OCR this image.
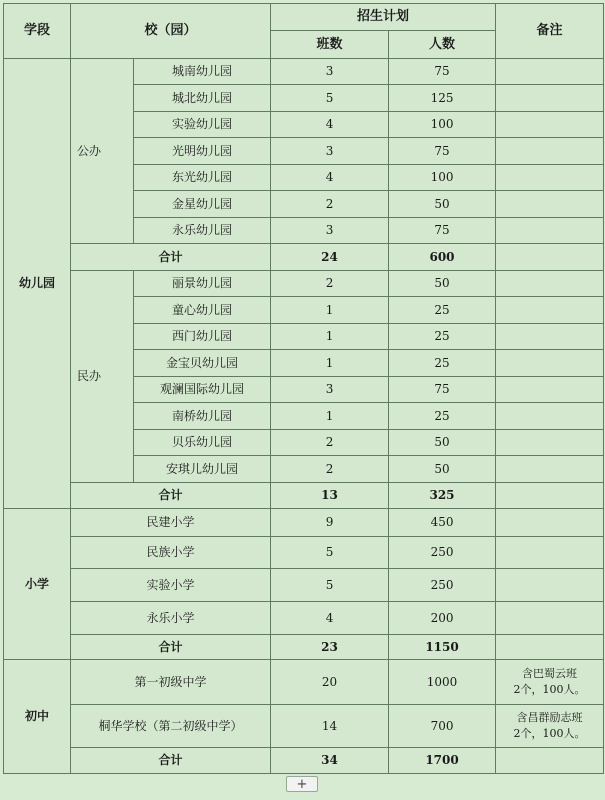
学段	校（园）		招生计划		备注
			班数	人数	
幼儿园	公办	城南幼儿园	3	75	
		城北幼儿园	5	125	
		实验幼儿园	4	100	
		光明幼儿园	3	75	
		东光幼儿园	4	100	
		金星幼儿园	2	50	
		永乐幼儿园	3	75	
	合计		24	600	
	民办	丽景幼儿园	2	50	
		童心幼儿园	1	25	
		西门幼儿园	1	25	
		金宝贝幼儿园	1	25	
		观澜国际幼儿园	3	75	
		南桥幼儿园	1	25	
		贝乐幼儿园	2	50	
		安琪儿幼儿园	2	50	
	合计		13	325	
小学	民建小学		9	450	
	民族小学		5	250	
	实验小学		5	250	
	永乐小学		4	200	
	合计		23	1150	
初中	第一初级中学		20	1000	含巴蜀云班
2个，100人。

	桐华学校（第二初级中学）		14	700	含昌群励志班
2个，100人。

	合计		34	1700	
+
